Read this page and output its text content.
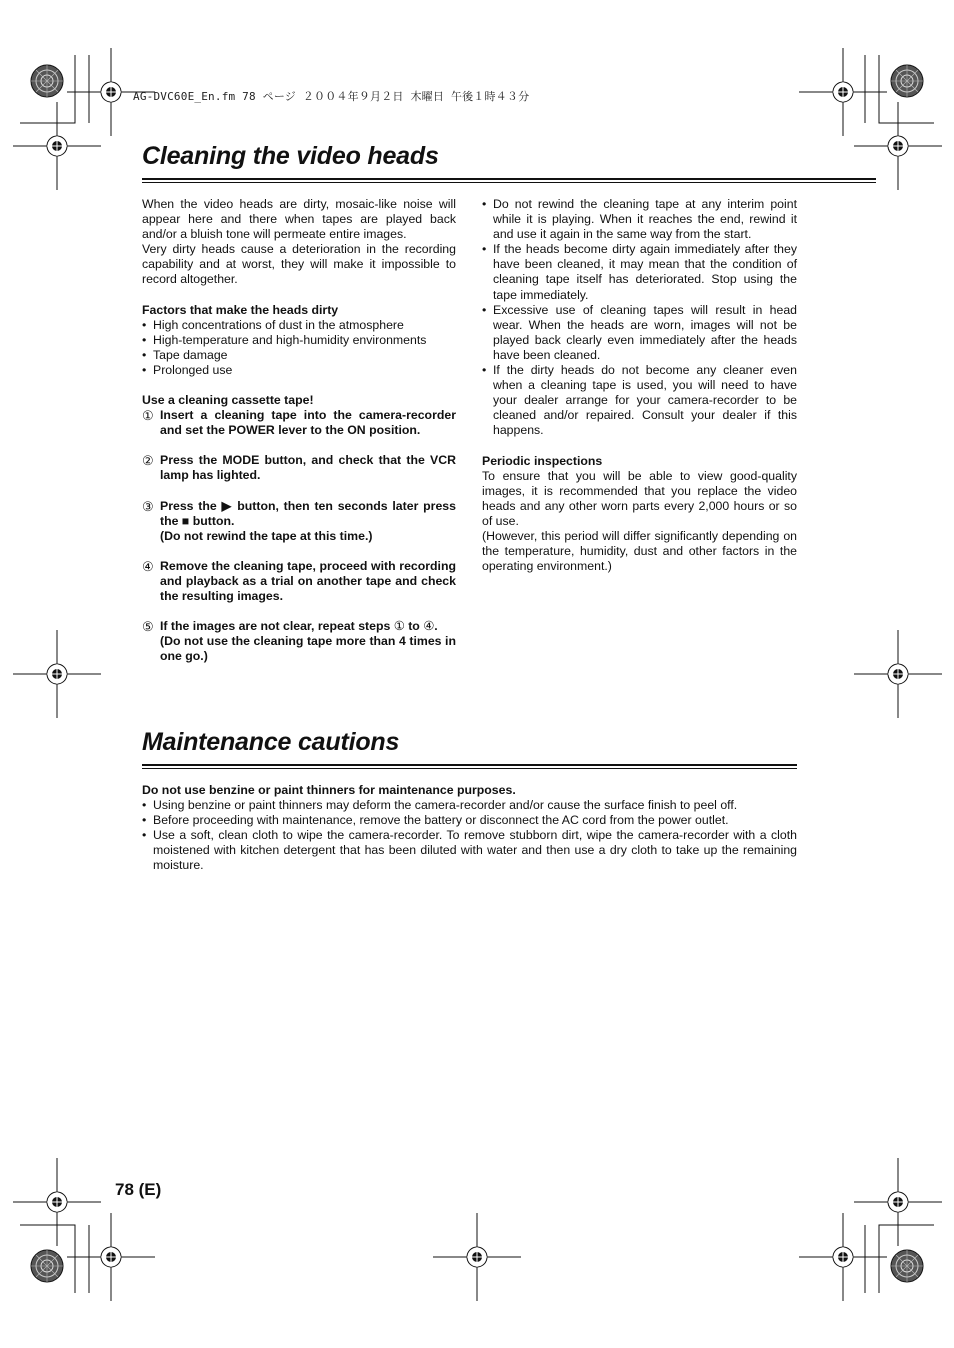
AG-DVC60E_En.fm 78 ページ ２００４年９月２日 木曜日 午後１時４３分
Cleaning the video heads

When the video heads are dirty, mosaic-like noise will appear here and there when tapes are played back and/or a bluish tone will permeate entire images.

Very dirty heads cause a deterioration in the recording capability and at worst, they will make it impossible to record altogether.

Factors that make the heads dirty

• High concentrations of dust in the atmosphere
• High-temperature and high-humidity environments
• Tape damage
• Prolonged use

Use a cleaning cassette tape!

① Insert a cleaning tape into the camera-recorder and set the POWER lever to the ON position.
② Press the MODE button, and check that the VCR lamp has lighted.
③ Press the ▶ button, then ten seconds later press the ■ button.
(Do not rewind the tape at this time.)
④ Remove the cleaning tape, proceed with recording and playback as a trial on another tape and check the resulting images.
⑤ If the images are not clear, repeat steps ① to ④.
(Do not use the cleaning tape more than 4 times in one go.)
• Do not rewind the cleaning tape at any interim point while it is playing. When it reaches the end, rewind it and use it again in the same way from the start.
• If the heads become dirty again immediately after they have been cleaned, it may mean that the condition of cleaning tape itself has deteriorated. Stop using the tape immediately.
• Excessive use of cleaning tapes will result in head wear. When the heads are worn, images will not be played back clearly even immediately after the heads have been cleaned.
• If the dirty heads do not become any cleaner even when a cleaning tape is used, you will need to have your dealer arrange for your camera-recorder to be cleaned and/or repaired. Consult your dealer if this happens.

Periodic inspections

To ensure that you will be able to view good-quality images, it is recommended that you replace the video heads and any other worn parts every 2,000 hours or so of use.

(However, this period will differ significantly depending on the temperature, humidity, dust and other factors in the operating environment.)

Maintenance cautions

Do not use benzine or paint thinners for maintenance purposes.

• Using benzine or paint thinners may deform the camera-recorder and/or cause the surface finish to peel off.
• Before proceeding with maintenance, remove the battery or disconnect the AC cord from the power outlet.
• Use a soft, clean cloth to wipe the camera-recorder. To remove stubborn dirt, wipe the camera-recorder with a cloth moistened with kitchen detergent that has been diluted with water and then use a dry cloth to take up the remaining moisture.
78 (E)
